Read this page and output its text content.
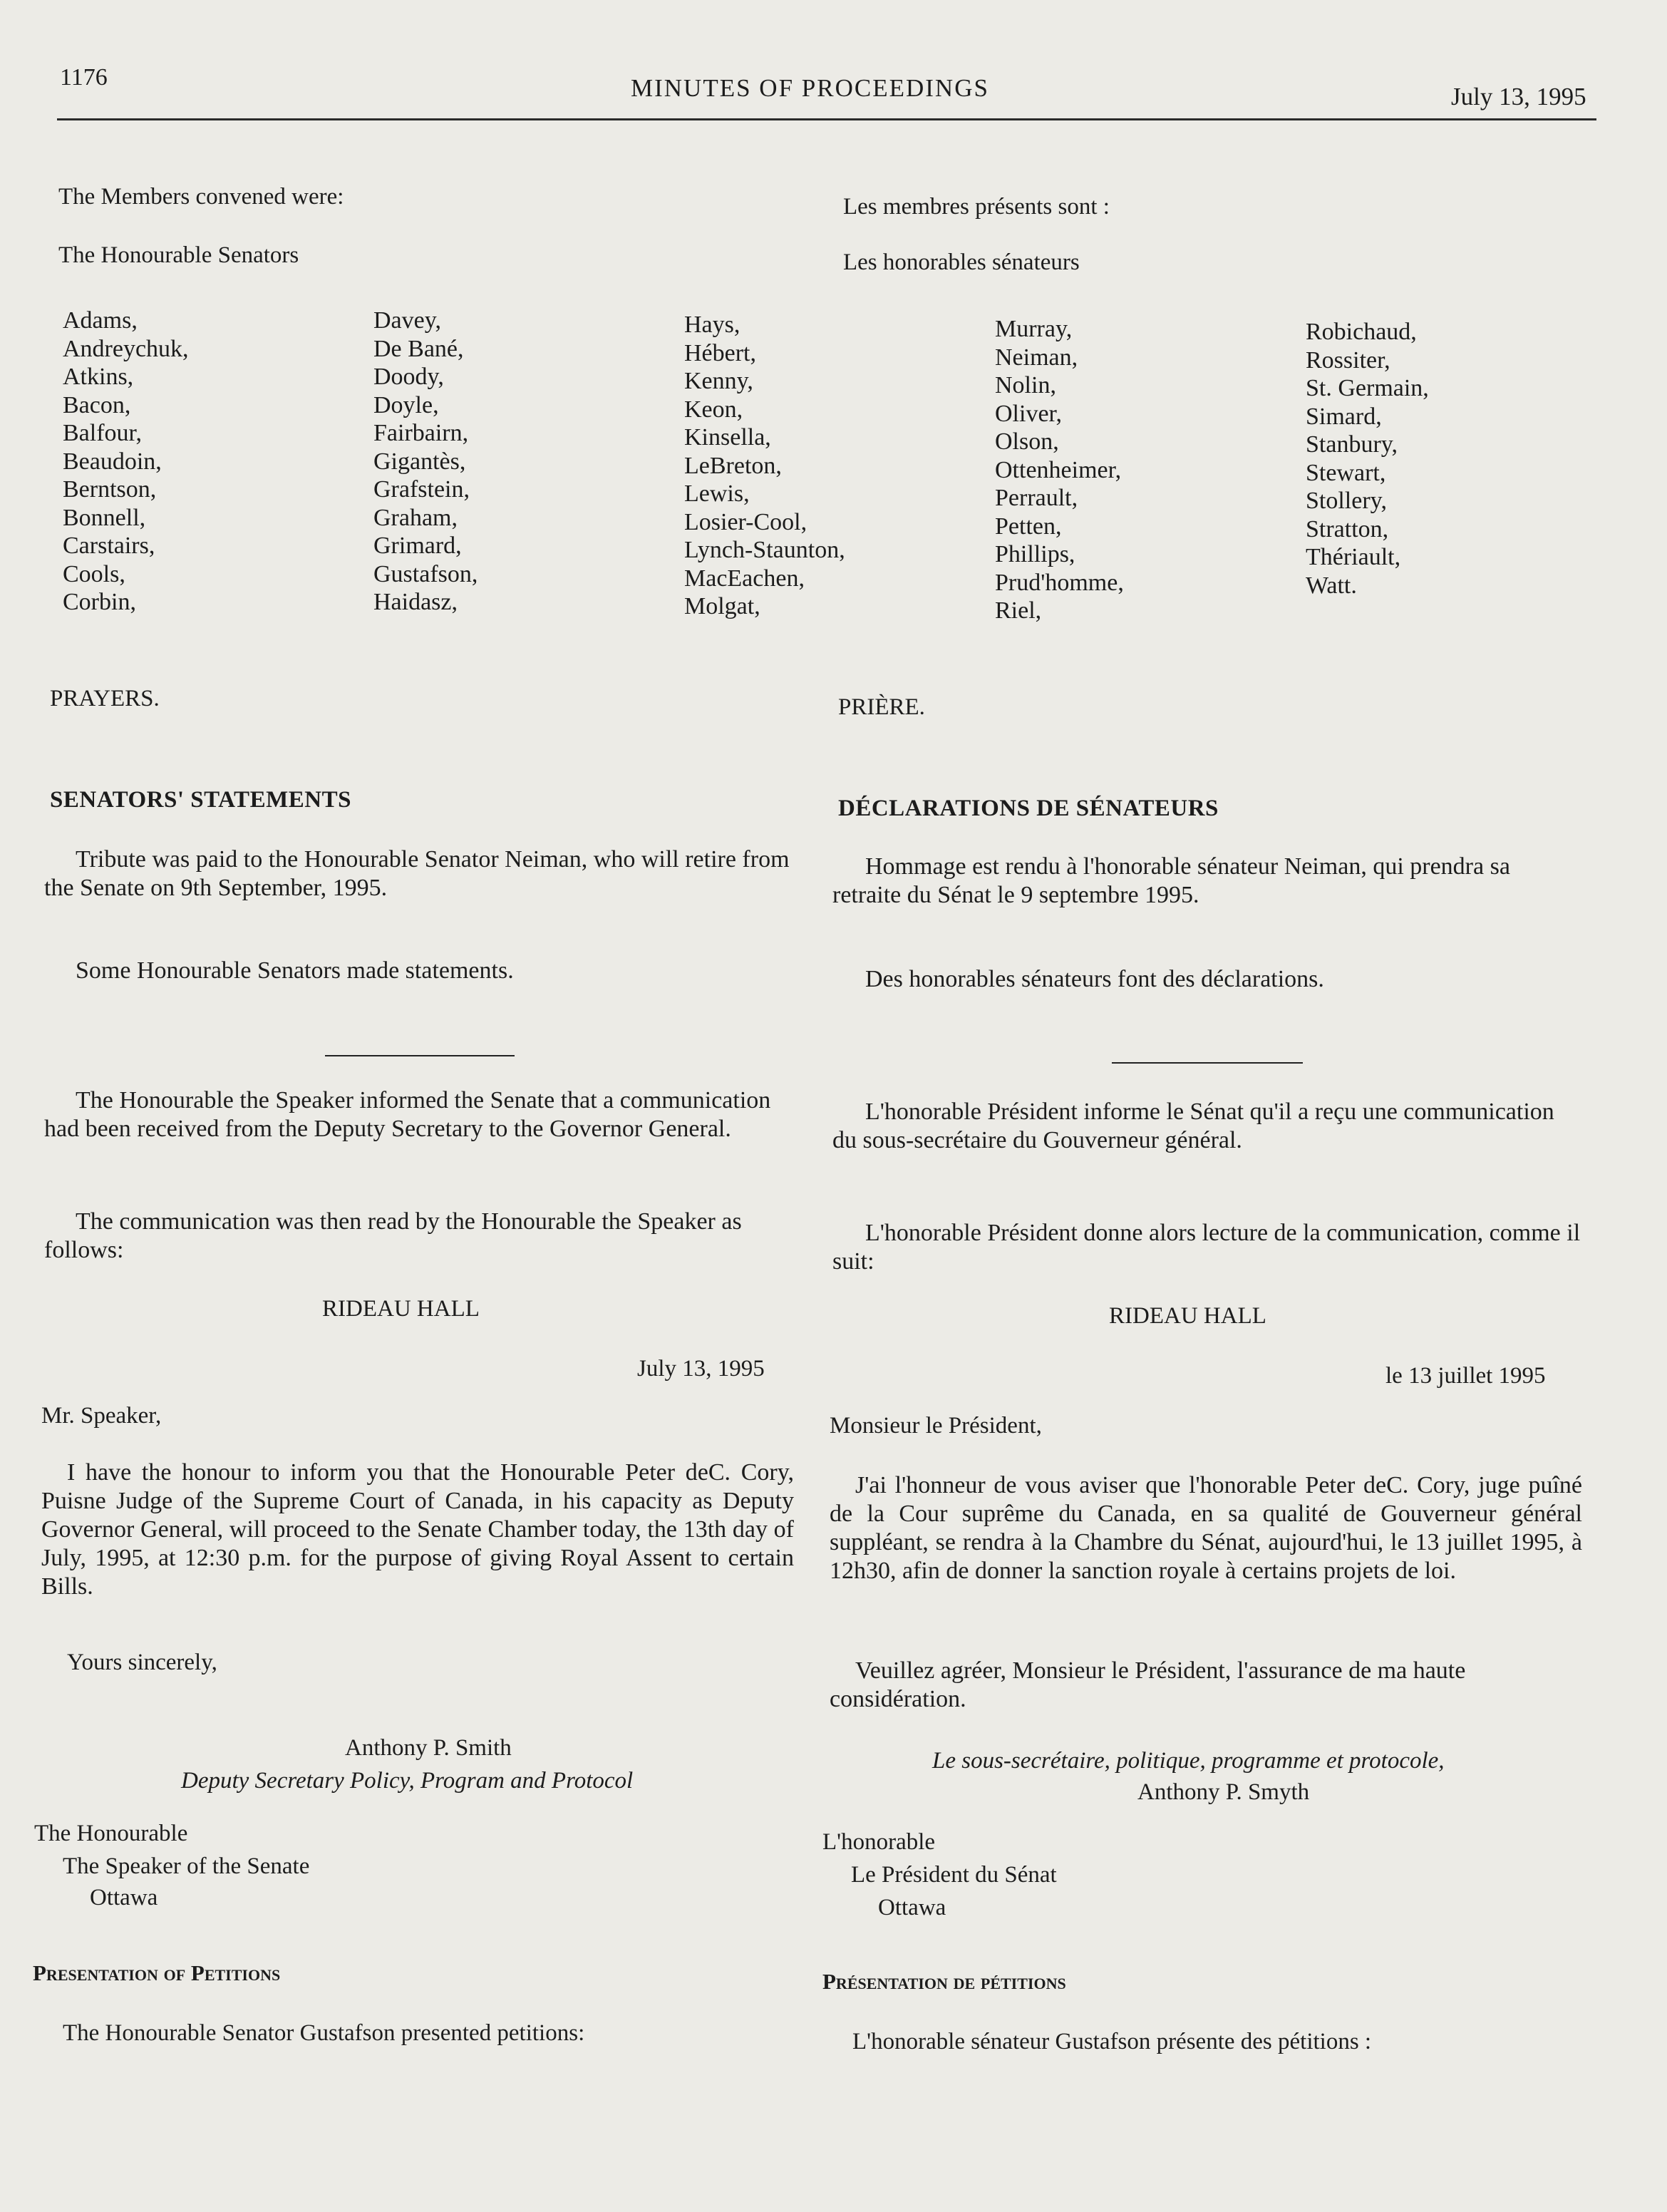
1176	MINUTES OF PROCEEDINGS	July 13, 1995
The Members convened were:	Les membres présents sont :
The Honourable Senators	Les honorables sénateurs
Adams,
Andreychuk,
Atkins,
Bacon,
Balfour,
Beaudoin,
Berntson,
Bonnell,
Carstairs,
Cools,
Corbin,
Davey,
De Bané,
Doody,
Doyle,
Fairbairn,
Gigantès,
Grafstein,
Graham,
Grimard,
Gustafson,
Haidasz,
Hays,
Hébert,
Kenny,
Keon,
Kinsella,
LeBreton,
Lewis,
Losier-Cool,
Lynch-Staunton,
MacEachen,
Molgat,
Murray,
Neiman,
Nolin,
Oliver,
Olson,
Ottenheimer,
Perrault,
Petten,
Phillips,
Prud'homme,
Riel,
Robichaud,
Rossiter,
St. Germain,
Simard,
Stanbury,
Stewart,
Stollery,
Stratton,
Thériault,
Watt.
PRAYERS.	PRIÈRE.
SENATORS' STATEMENTS	DÉCLARATIONS DE SÉNATEURS
Tribute was paid to the Honourable Senator Neiman, who will retire from the Senate on 9th September, 1995.
Some Honourable Senators made statements.
The Honourable the Speaker informed the Senate that a communication had been received from the Deputy Secretary to the Governor General.
The communication was then read by the Honourable the Speaker as follows:
RIDEAU HALL
July 13, 1995
Mr. Speaker,
I have the honour to inform you that the Honourable Peter deC. Cory, Puisne Judge of the Supreme Court of Canada, in his capacity as Deputy Governor General, will proceed to the Senate Chamber today, the 13th day of July, 1995, at 12:30 p.m. for the purpose of giving Royal Assent to certain Bills.
Yours sincerely,
Anthony P. Smith
Deputy Secretary Policy, Program and Protocol
The Honourable
The Speaker of the Senate
Ottawa
Presentation of Petitions
The Honourable Senator Gustafson presented petitions:
Hommage est rendu à l'honorable sénateur Neiman, qui prendra sa retraite du Sénat le 9 septembre 1995.
Des honorables sénateurs font des déclarations.
L'honorable Président informe le Sénat qu'il a reçu une communication du sous-secrétaire du Gouverneur général.
L'honorable Président donne alors lecture de la communication, comme il suit:
RIDEAU HALL
le 13 juillet 1995
Monsieur le Président,
J'ai l'honneur de vous aviser que l'honorable Peter deC. Cory, juge puîné de la Cour suprême du Canada, en sa qualité de Gouverneur général suppléant, se rendra à la Chambre du Sénat, aujourd'hui, le 13 juillet 1995, à 12h30, afin de donner la sanction royale à certains projets de loi.
Veuillez agréer, Monsieur le Président, l'assurance de ma haute considération.
Le sous-secrétaire, politique, programme et protocole,
Anthony P. Smyth
L'honorable
Le Président du Sénat
Ottawa
Présentation de pétitions
L'honorable sénateur Gustafson présente des pétitions :
